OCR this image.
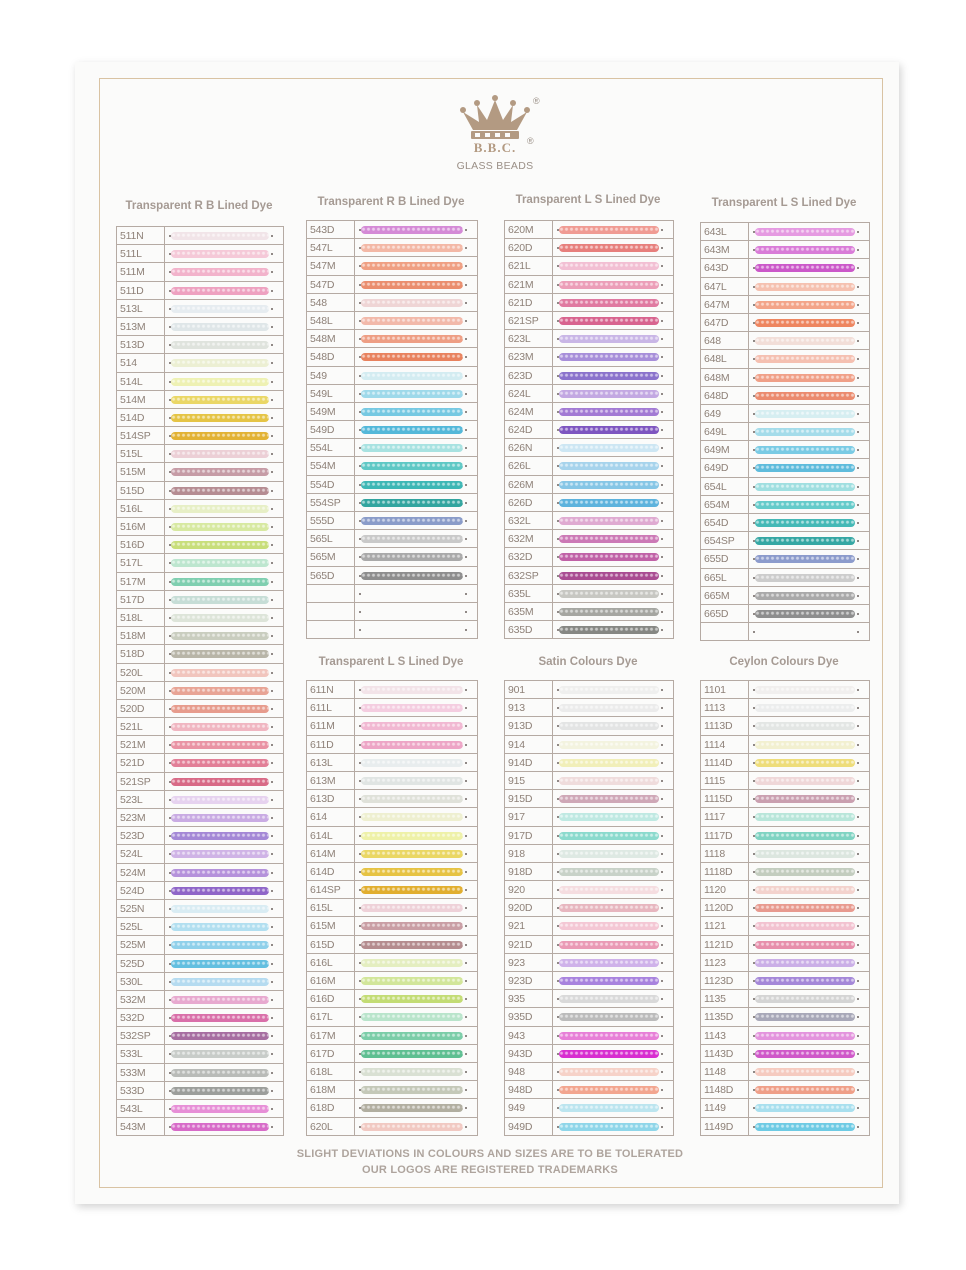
B.B.C.
GLASS BEADS
®
®
Transparent R B Lined Dye
511N
511L
511M
511D
513L
513M
513D
514
514L
514M
514D
514SP
515L
515M
515D
516L
516M
516D
517L
517M
517D
518L
518M
518D
520L
520M
520D
521L
521M
521D
521SP
523L
523M
523D
524L
524M
524D
525N
525L
525M
525D
530L
532M
532D
532SP
533L
533M
533D
543L
543M
Transparent R B Lined Dye
543D
547L
547M
547D
548
548L
548M
548D
549
549L
549M
549D
554L
554M
554D
554SP
555D
565L
565M
565D
Transparent L S Lined Dye
620M
620D
621L
621M
621D
621SP
623L
623M
623D
624L
624M
624D
626N
626L
626M
626D
632L
632M
632D
632SP
635L
635M
635D
Transparent L S Lined Dye
643L
643M
643D
647L
647M
647D
648
648L
648M
648D
649
649L
649M
649D
654L
654M
654D
654SP
655D
665L
665M
665D
Transparent L S Lined Dye
611N
611L
611M
611D
613L
613M
613D
614
614L
614M
614D
614SP
615L
615M
615D
616L
616M
616D
617L
617M
617D
618L
618M
618D
620L
Satin Colours Dye
901
913
913D
914
914D
915
915D
917
917D
918
918D
920
920D
921
921D
923
923D
935
935D
943
943D
948
948D
949
949D
Ceylon Colours Dye
1101
1113
1113D
1114
1114D
1115
1115D
1117
1117D
1118
1118D
1120
1120D
1121
1121D
1123
1123D
1135
1135D
1143
1143D
1148
1148D
1149
1149D
SLIGHT DEVIATIONS IN COLOURS AND SIZES ARE TO BE TOLERATED
OUR LOGOS ARE REGISTERED TRADEMARKS
